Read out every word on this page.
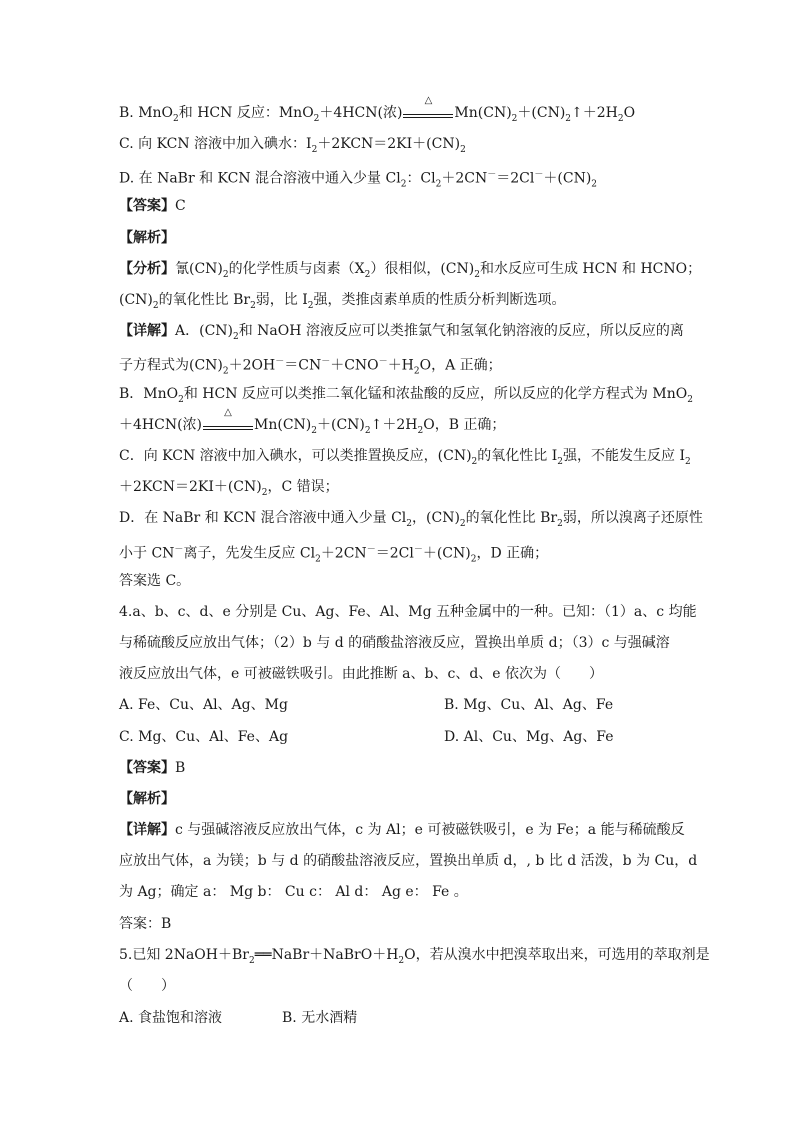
B. MnO$_2$和 HCN 反应：MnO$_2$＋4HCN(浓)
△
$Mn(CN)_2+(CN)_2↑+2H_2O$
C. 向 KCN 溶液中加入碘水：$I_2+2KCN=2KI+(CN)_2$
D. 在 NaBr 和 KCN 混合溶液中通入少量 $Cl_2$：$Cl_2+2CN^-=2Cl^-+(CN)_2$
【答案】C
【解析】
【分析】氰$(CN)_2$的化学性质与卤素$(X_2)$很相似，$(CN)_2$和水反应可生成 HCN 和 HCNO；
$(CN)_2$的氧化性比 $Br_2$弱，比 $I_2$强，类推卤素单质的性质分析判断选项。
【详解】A．$(CN)_2$和 NaOH 溶液反应可以类推氯气和氢氧化钠溶液的反应，所以反应的离
子方程式为$(CN)_2+2OH^-=CN^-+CNO^-+H_2O$，A 正确；
B．MnO$_2$和 HCN 反应可以类推二氧化锰和浓盐酸的反应，所以反应的化学方程式为 MnO$_2$
＋4HCN(浓)
△
$Mn(CN)_2+(CN)_2↑+2H_2O$，B 正确；
C．向 KCN 溶液中加入碘水，可以类推置换反应，$(CN)_2$的氧化性比 $I_2$强，不能发生反应 $I_2$
$+2KCN=2KI+(CN)_2$，C 错误；
D．在 NaBr 和 KCN 混合溶液中通入少量 $Cl_2$，$(CN)_2$的氧化性比 $Br_2$弱，所以溴离子还原性
小于 CN－离子，先发生反应 $Cl_2+2CN^-=2Cl^-+(CN)_2$，D 正确；
答案选 C。
4.a、b、c、d、e 分别是 Cu、Ag、Fe、Al、Mg 五种金属中的一种。已知：（1）a、c 均能
与稀硫酸反应放出气体；（2）b 与 d 的硝酸盐溶液反应，置换出单质 d；（3）c 与强碱溶
液反应放出气体，e 可被磁铁吸引。由此推断 a、b、c、d、e 依次为（　　）
A. Fe、Cu、Al、Ag、Mg	B. Mg、Cu、Al、Ag、Fe
C. Mg、Cu、Al、Fe、Ag	D. Al、Cu、Mg、Ag、Fe
【答案】B
【解析】
【详解】c 与强碱溶液反应放出气体，c 为 Al；e 可被磁铁吸引，e 为 Fe；a 能与稀硫酸反
应放出气体，a 为镁；b 与 d 的硝酸盐溶液反应，置换出单质 d，, b 比 d 活泼，b 为 Cu，d
为 Ag；确定 a： Mg b： Cu c： Al d： Ag e： Fe 。
答案：B
5.已知 $2NaOH+Br_2══NaBr+NaBrO+H_2O$，若从溴水中把溴萃取出来，可选用的萃取剂是
（　　）
A. 食盐饱和溶液	B. 无水酒精
